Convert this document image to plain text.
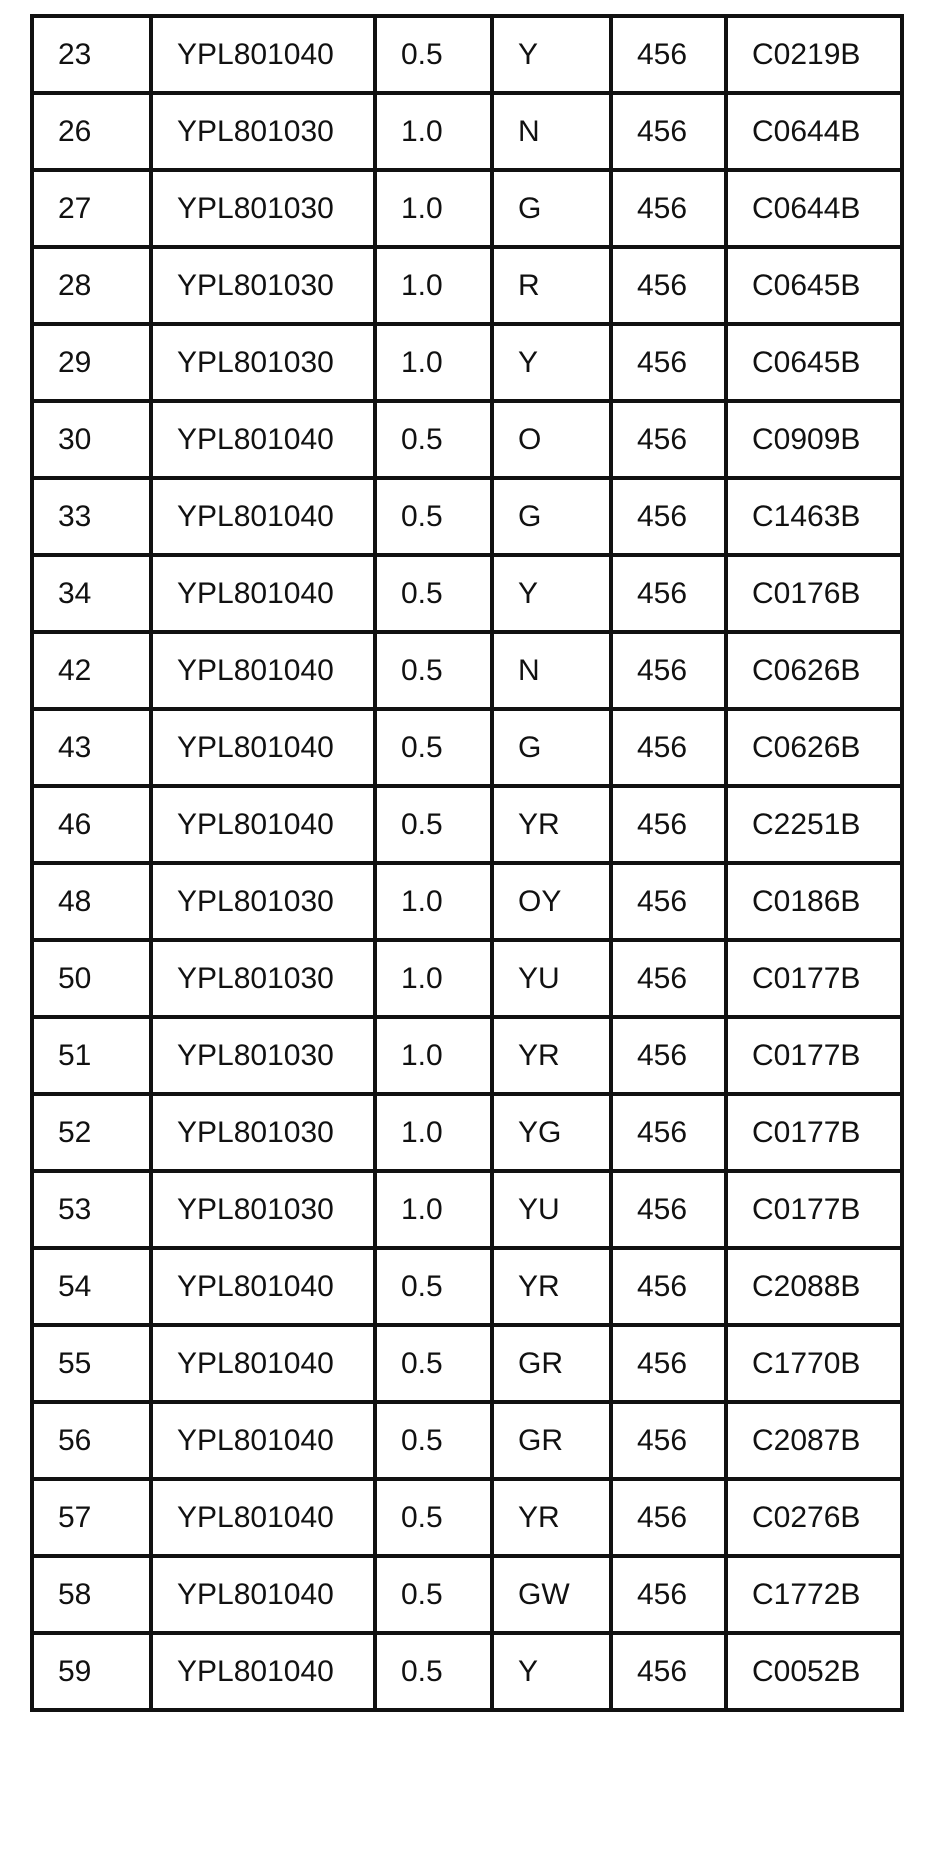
23	YPL801040	0.5	Y	456	C0219B
26	YPL801030	1.0	N	456	C0644B
27	YPL801030	1.0	G	456	C0644B
28	YPL801030	1.0	R	456	C0645B
29	YPL801030	1.0	Y	456	C0645B
30	YPL801040	0.5	O	456	C0909B
33	YPL801040	0.5	G	456	C1463B
34	YPL801040	0.5	Y	456	C0176B
42	YPL801040	0.5	N	456	C0626B
43	YPL801040	0.5	G	456	C0626B
46	YPL801040	0.5	YR	456	C2251B
48	YPL801030	1.0	OY	456	C0186B
50	YPL801030	1.0	YU	456	C0177B
51	YPL801030	1.0	YR	456	C0177B
52	YPL801030	1.0	YG	456	C0177B
53	YPL801030	1.0	YU	456	C0177B
54	YPL801040	0.5	YR	456	C2088B
55	YPL801040	0.5	GR	456	C1770B
56	YPL801040	0.5	GR	456	C2087B
57	YPL801040	0.5	YR	456	C0276B
58	YPL801040	0.5	GW	456	C1772B
59	YPL801040	0.5	Y	456	C0052B
